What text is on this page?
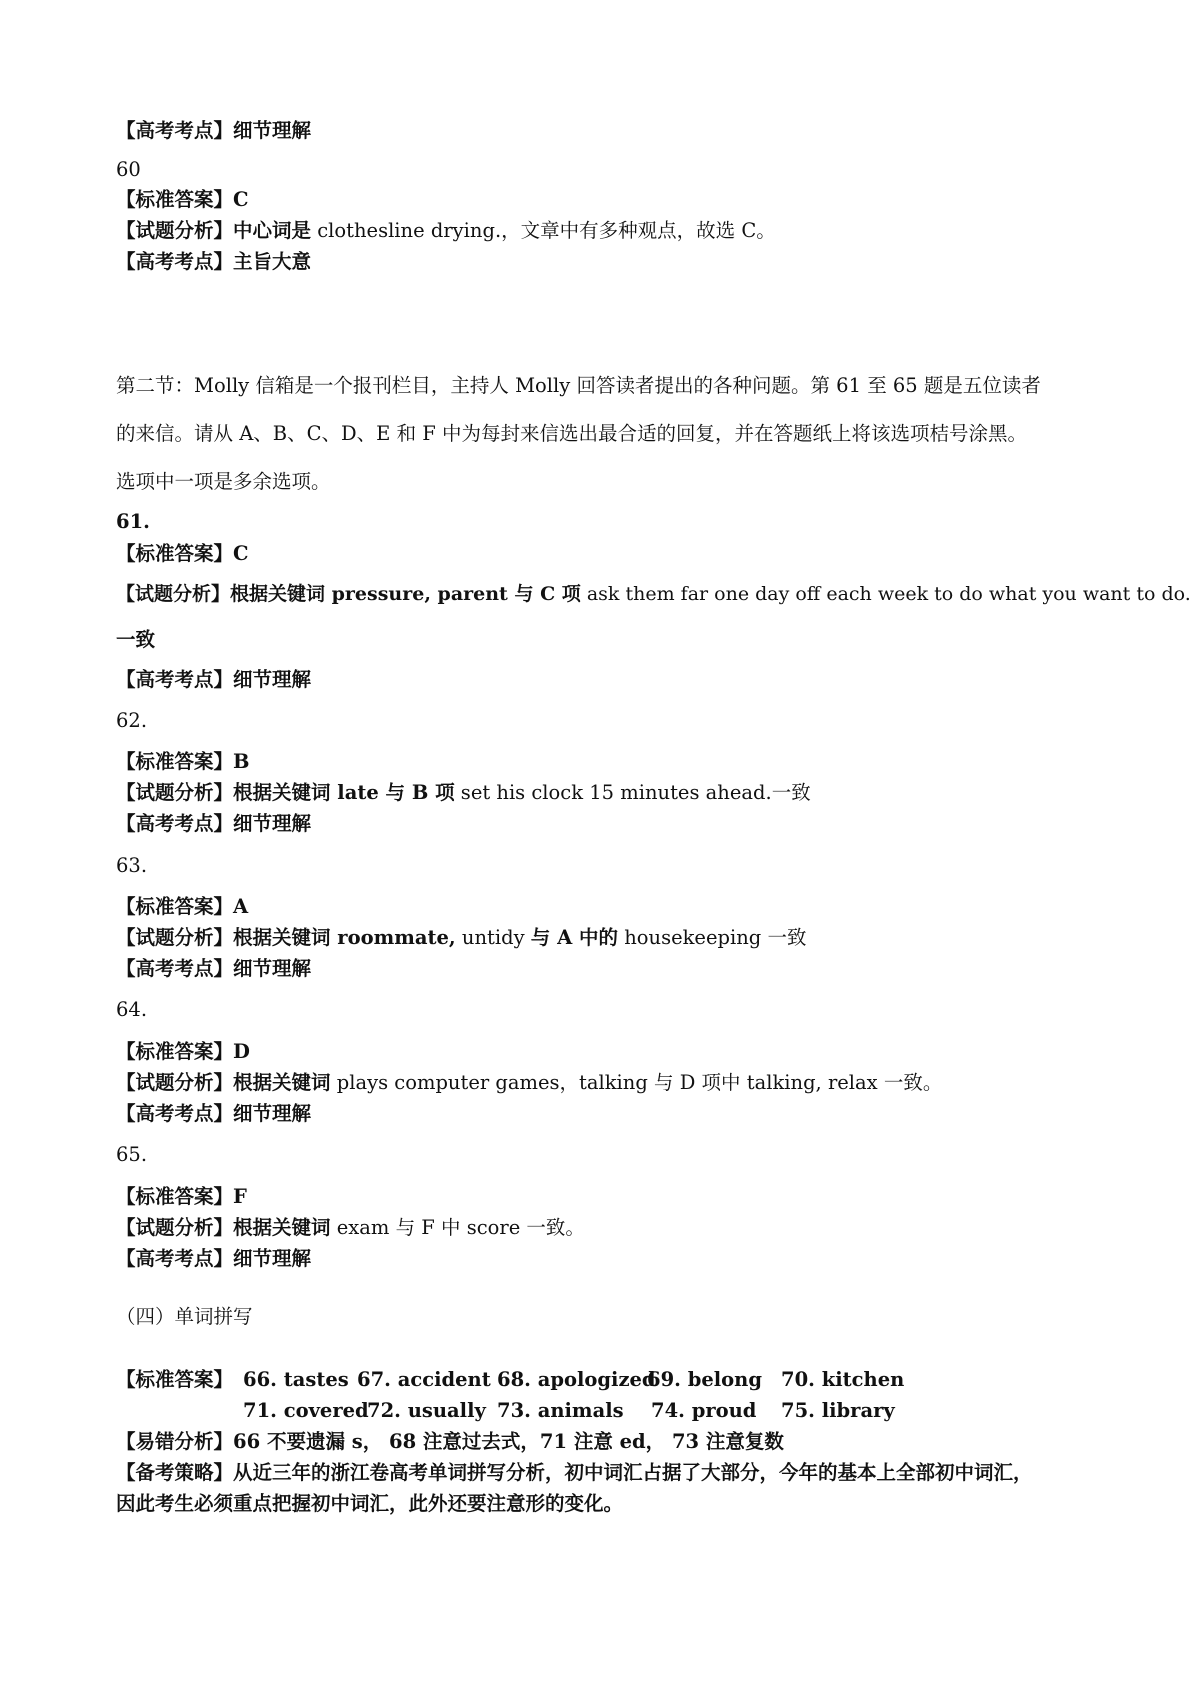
【高考考点】细节理解
60
【标准答案】C
【试题分析】中心词是 clothesline drying.，文章中有多种观点，故选 C。
【高考考点】主旨大意
第二节：Molly 信箱是一个报刊栏目，主持人 Molly 回答读者提出的各种问题。第 61 至 65 题是五位读者
的来信。请从 A、B、C、D、E 和 F 中为每封来信选出最合适的回复，并在答题纸上将该选项桔号涂黑。
选项中一项是多余选项。
61.
【标准答案】C
【试题分析】根据关键词 pressure, parent 与 C 项 ask them far one day off each week to do what you want to do.
一致
【高考考点】细节理解
62.
【标准答案】B
【试题分析】根据关键词 late 与 B 项 set his clock 15 minutes ahead.一致
【高考考点】细节理解
63.
【标准答案】A
【试题分析】根据关键词 roommate, untidy 与 A 中的 housekeeping 一致
【高考考点】细节理解
64.
【标准答案】D
【试题分析】根据关键词 plays computer games，talking 与 D 项中 talking, relax 一致。
【高考考点】细节理解
65.
【标准答案】F
【试题分析】根据关键词 exam 与 F 中 score 一致。
【高考考点】细节理解
（四）单词拼写
【标准答案】 66. tastes 67. accident 68. apologized
69. belong 70. kitchen
71. covered
72. usually 73. animals 74. proud 75. library
【易错分析】66 不要遗漏 s， 68 注意过去式，71 注意 ed， 73 注意复数
【备考策略】从近三年的浙江卷高考单词拼写分析，初中词汇占据了大部分，今年的基本上全部初中词汇，
因此考生必须重点把握初中词汇，此外还要注意形的变化。
